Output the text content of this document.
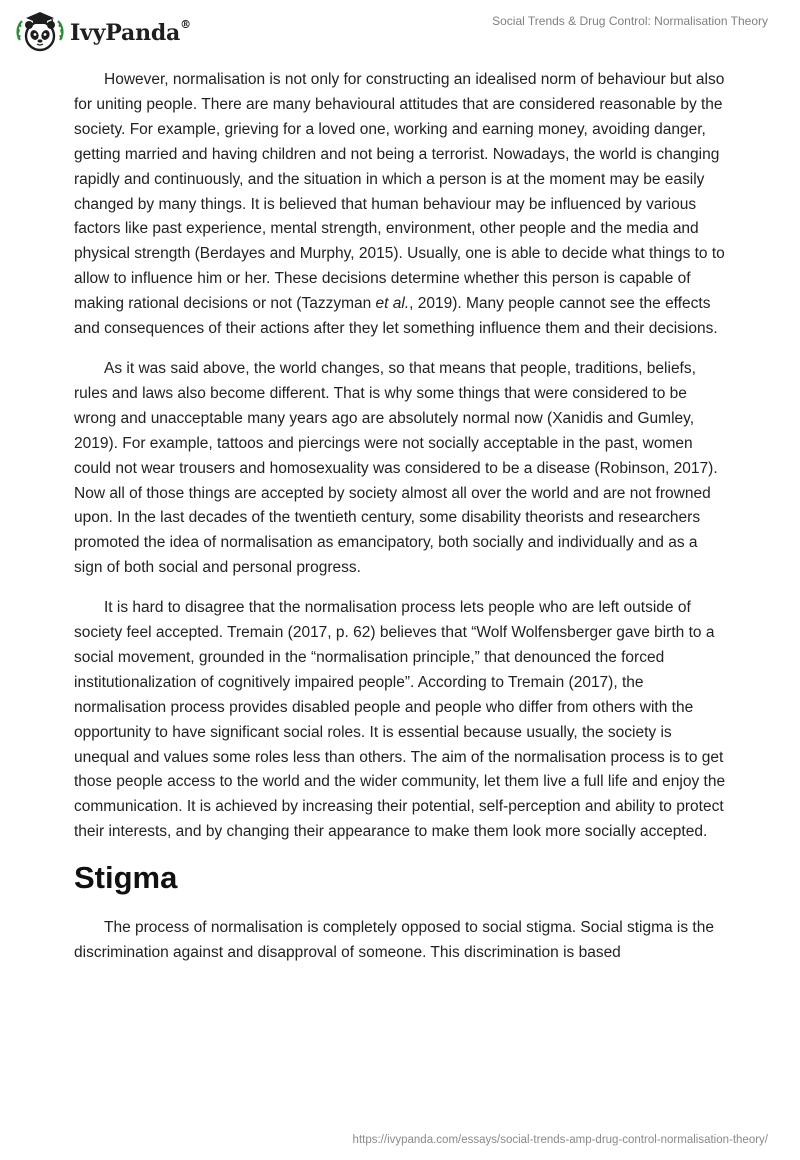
IvyPanda®	Social Trends & Drug Control: Normalisation Theory

However, normalisation is not only for constructing an idealised norm of behaviour but also for uniting people. There are many behavioural attitudes that are considered reasonable by the society. For example, grieving for a loved one, working and earning money, avoiding danger, getting married and having children and not being a terrorist. Nowadays, the world is changing rapidly and continuously, and the situation in which a person is at the moment may be easily changed by many things. It is believed that human behaviour may be influenced by various factors like past experience, mental strength, environment, other people and the media and physical strength (Berdayes and Murphy, 2015). Usually, one is able to decide what things to to allow to influence him or her. These decisions determine whether this person is capable of making rational decisions or not (Tazzyman et al., 2019). Many people cannot see the effects and consequences of their actions after they let something influence them and their decisions.

As it was said above, the world changes, so that means that people, traditions, beliefs, rules and laws also become different. That is why some things that were considered to be wrong and unacceptable many years ago are absolutely normal now (Xanidis and Gumley, 2019). For example, tattoos and piercings were not socially acceptable in the past, women could not wear trousers and homosexuality was considered to be a disease (Robinson, 2017). Now all of those things are accepted by society almost all over the world and are not frowned upon. In the last decades of the twentieth century, some disability theorists and researchers promoted the idea of normalisation as emancipatory, both socially and individually and as a sign of both social and personal progress.

It is hard to disagree that the normalisation process lets people who are left outside of society feel accepted. Tremain (2017, p. 62) believes that “Wolf Wolfensberger gave birth to a social movement, grounded in the “normalisation principle,” that denounced the forced institutionalization of cognitively impaired people”. According to Tremain (2017), the normalisation process provides disabled people and people who differ from others with the opportunity to have significant social roles. It is essential because usually, the society is unequal and values some roles less than others. The aim of the normalisation process is to get those people access to the world and the wider community, let them live a full life and enjoy the communication. It is achieved by increasing their potential, self-perception and ability to protect their interests, and by changing their appearance to make them look more socially accepted.

Stigma

The process of normalisation is completely opposed to social stigma. Social stigma is the discrimination against and disapproval of someone. This discrimination is based

https://ivypanda.com/essays/social-trends-amp-drug-control-normalisation-theory/
